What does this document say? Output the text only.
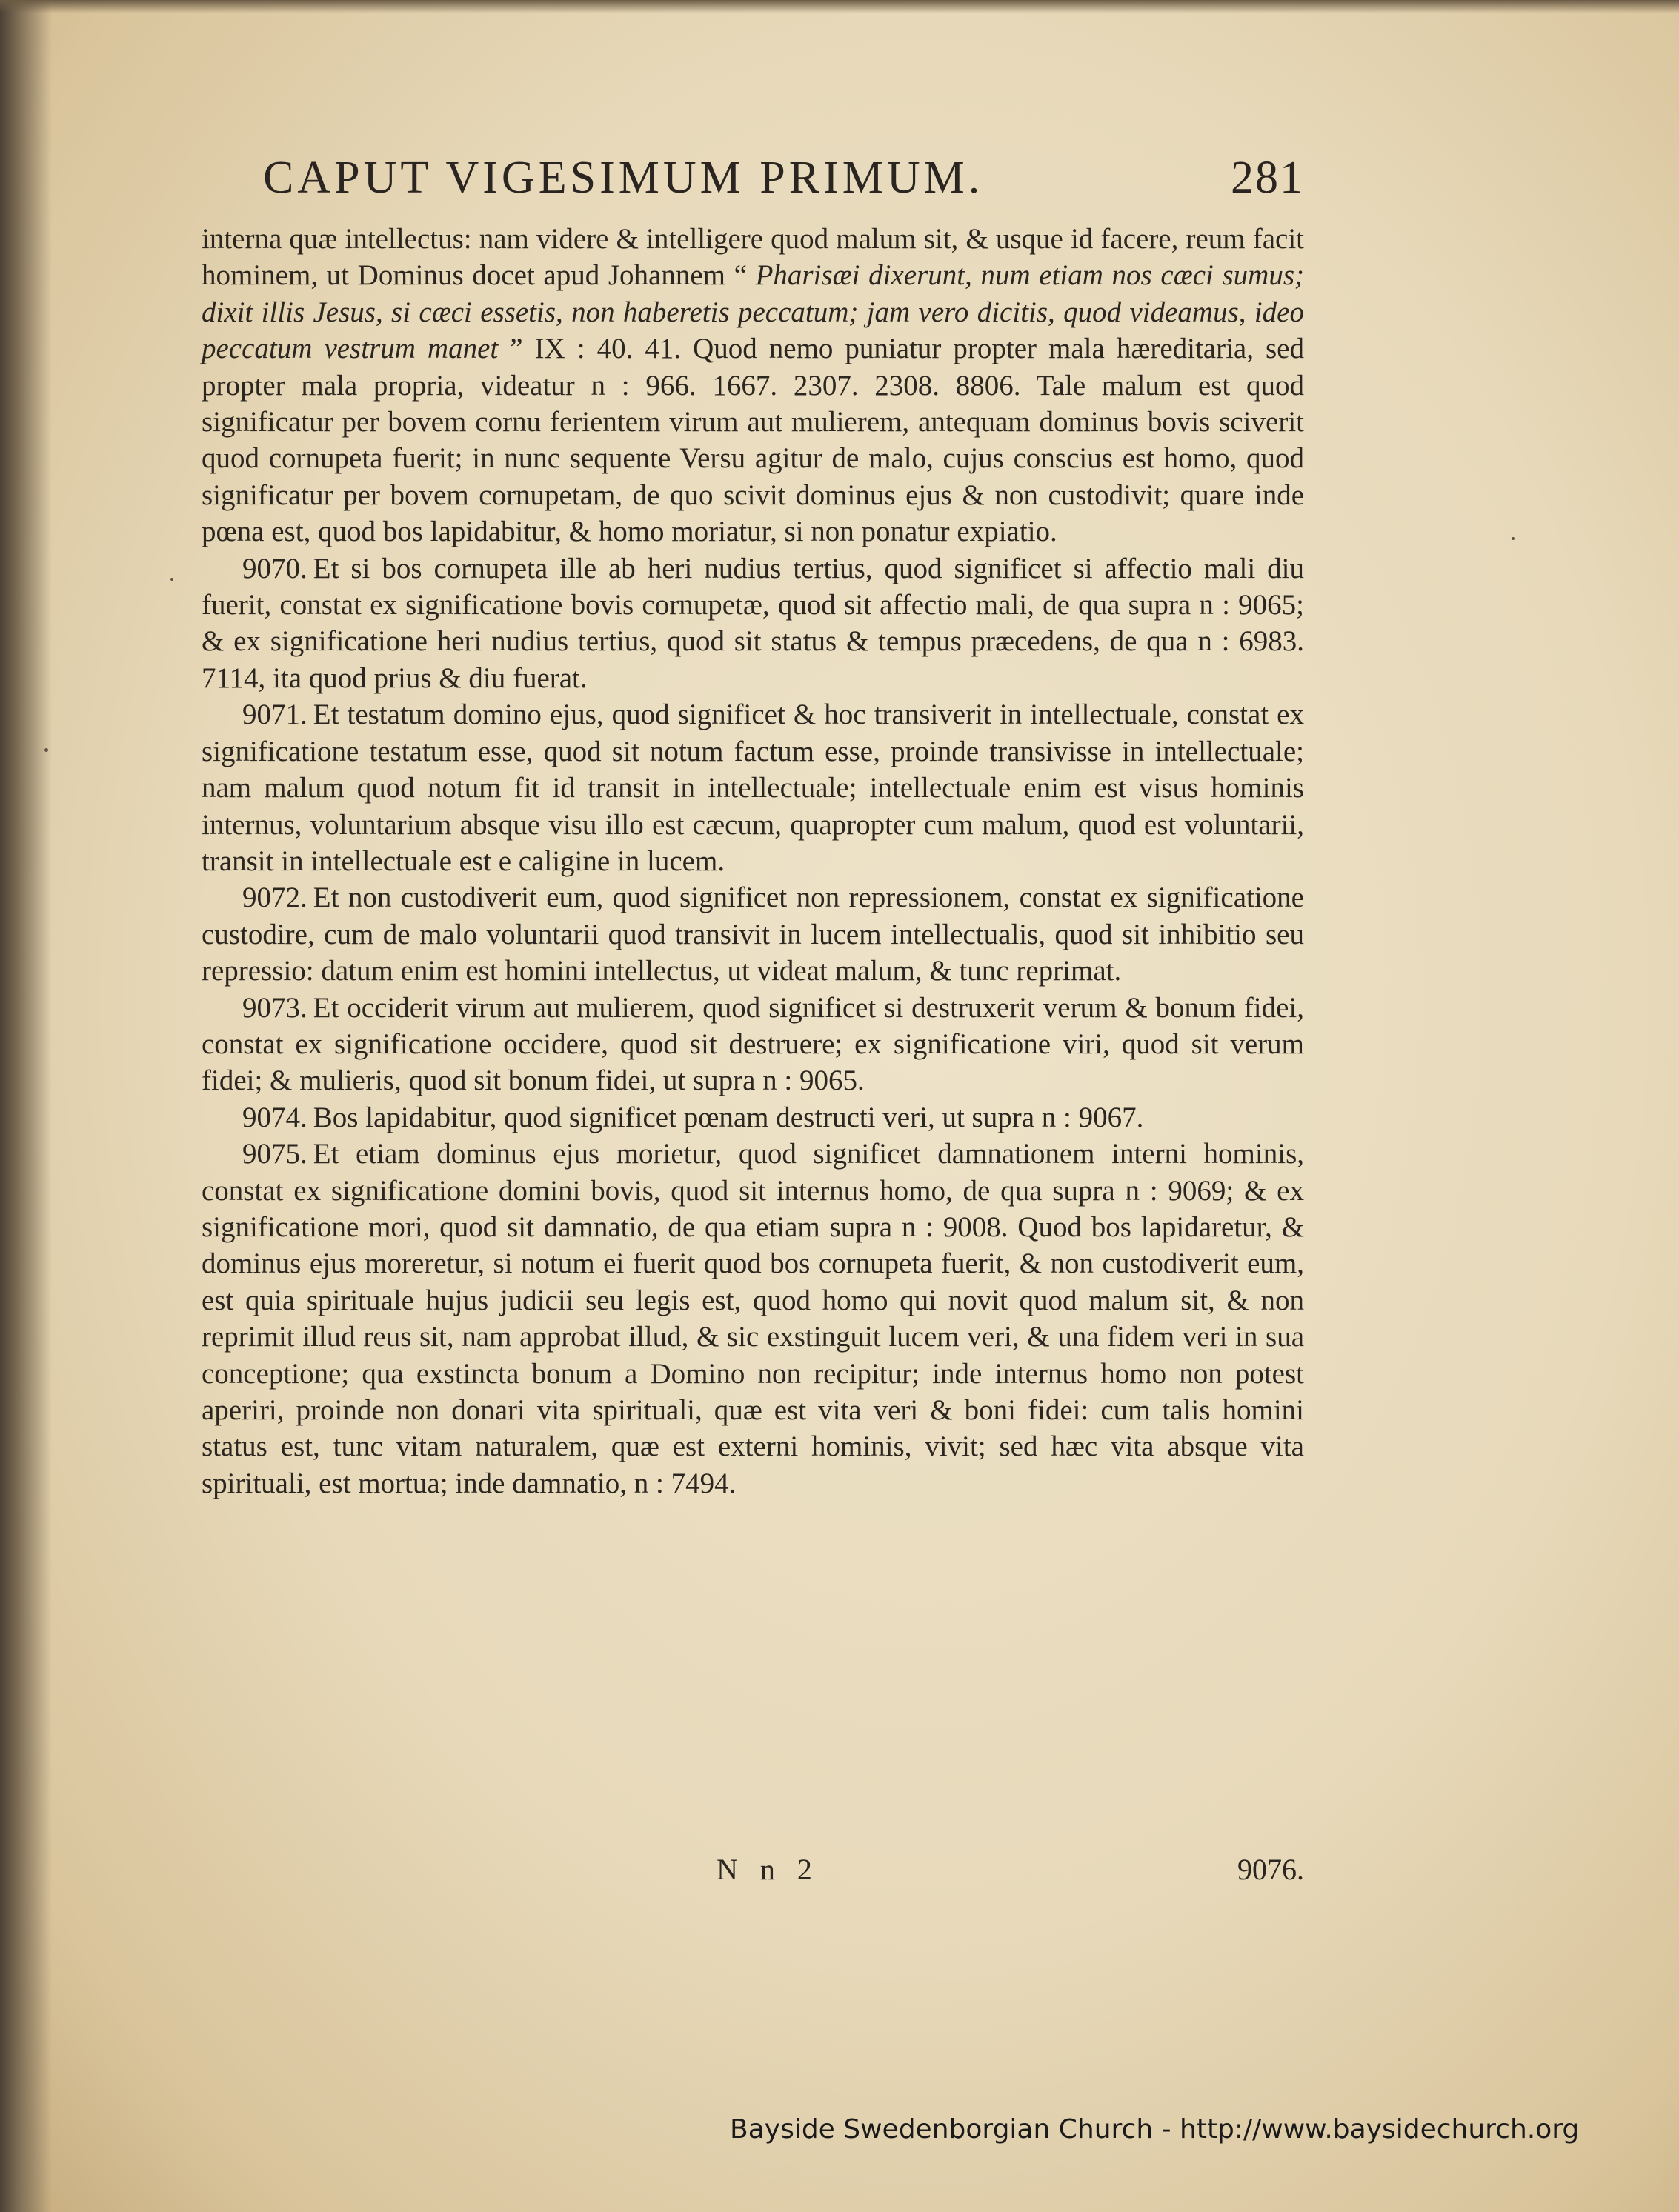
CAPUT VIGESIMUM PRIMUM.	281

interna quæ intellectus: nam videre & intelligere quod malum sit, & usque id facere, reum facit hominem, ut Dominus docet apud Johannem “ Pharisæi dixerunt, num etiam nos cæci sumus; dixit illis Jesus, si cæci essetis, non haberetis peccatum; jam vero dicitis, quod videamus, ideo peccatum vestrum manet ” IX : 40. 41. Quod nemo puniatur propter mala hæreditaria, sed propter mala propria, videatur n : 966. 1667. 2307. 2308. 8806. Tale malum est quod significatur per bovem cornu ferientem virum aut mulierem, antequam dominus bovis sciverit quod cornupeta fuerit; in nunc sequente Versu agitur de malo, cujus conscius est homo, quod significatur per bovem cornupetam, de quo scivit dominus ejus & non custodivit; quare inde pœna est, quod bos lapidabitur, & homo moriatur, si non ponatur expiatio.

9070. Et si bos cornupeta ille ab heri nudius tertius, quod significet si affectio mali diu fuerit, constat ex significatione bovis cornupetæ, quod sit affectio mali, de qua supra n : 9065; & ex significatione heri nudius tertius, quod sit status & tempus præcedens, de qua n : 6983. 7114, ita quod prius & diu fuerat.

9071. Et testatum domino ejus, quod significet & hoc transiverit in intellectuale, constat ex significatione testatum esse, quod sit notum factum esse, proinde transivisse in intellectuale; nam malum quod notum fit id transit in intellectuale; intellectuale enim est visus hominis internus, voluntarium absque visu illo est cæcum, quapropter cum malum, quod est voluntarii, transit in intellectuale est e caligine in lucem.

9072. Et non custodiverit eum, quod significet non repressionem, constat ex significatione custodire, cum de malo voluntarii quod transivit in lucem intellectualis, quod sit inhibitio seu repressio: datum enim est homini intellectus, ut videat malum, & tunc reprimat.

9073. Et occiderit virum aut mulierem, quod significet si destruxerit verum & bonum fidei, constat ex significatione occidere, quod sit destruere; ex significatione viri, quod sit verum fidei; & mulieris, quod sit bonum fidei, ut supra n : 9065.

9074. Bos lapidabitur, quod significet pœnam destructi veri, ut supra n : 9067.

9075. Et etiam dominus ejus morietur, quod significet damnationem interni hominis, constat ex significatione domini bovis, quod sit internus homo, de qua supra n : 9069; & ex significatione mori, quod sit damnatio, de qua etiam supra n : 9008. Quod bos lapidaretur, & dominus ejus moreretur, si notum ei fuerit quod bos cornupeta fuerit, & non custodiverit eum, est quia spirituale hujus judicii seu legis est, quod homo qui novit quod malum sit, & non reprimit illud reus sit, nam approbat illud, & sic exstinguit lucem veri, & una fidem veri in sua conceptione; qua exstincta bonum a Domino non recipitur; inde internus homo non potest aperiri, proinde non donari vita spirituali, quæ est vita veri & boni fidei: cum talis homini status est, tunc vitam naturalem, quæ est externi hominis, vivit; sed hæc vita absque vita spirituali, est mortua; inde damnatio, n : 7494.

N n 2	9076.
Bayside Swedenborgian Church - http://www.baysidechurch.org
